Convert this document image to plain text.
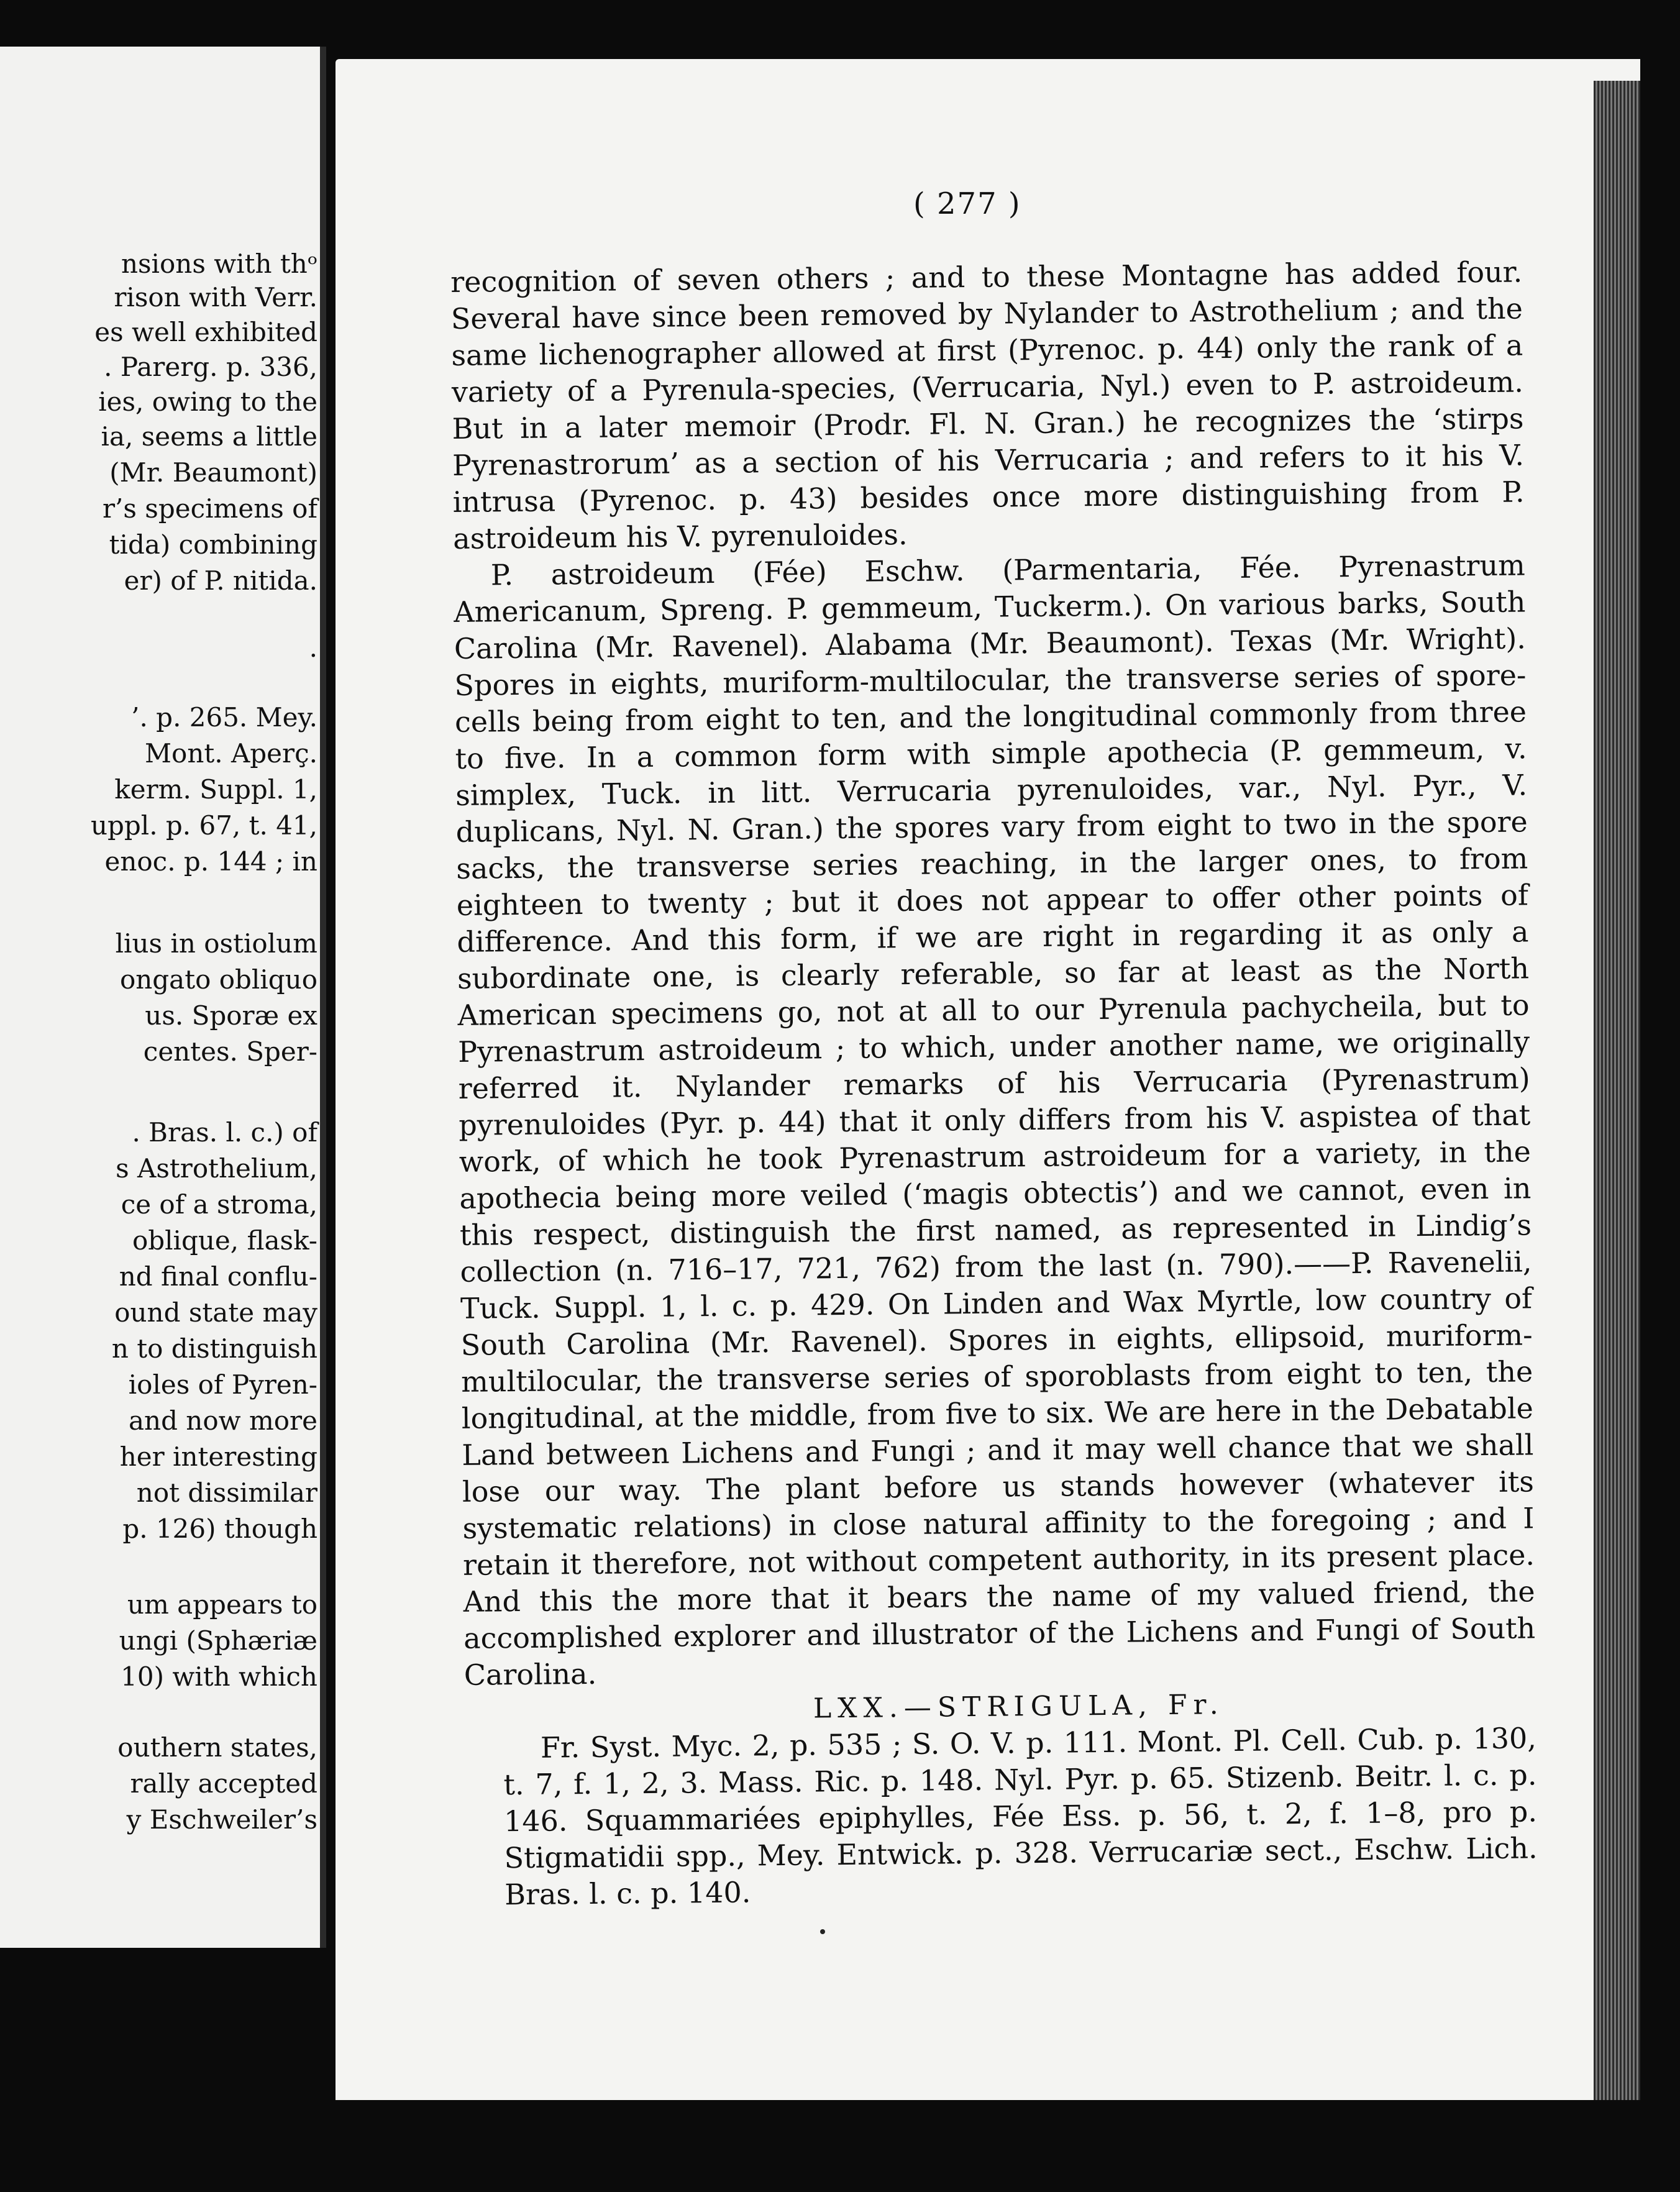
nsions with thᵒ
rison with Verr.
es well exhibited
. Parerg. p. 336,
ies, owing to the
ia, seems a little
(Mr. Beaumont)
r’s specimens of
tida) combining
er) of P. nitida.
.
’. p. 265. Mey.
Mont. Aperç.
kerm. Suppl. 1,
uppl. p. 67, t. 41,
enoc. p. 144 ; in
lius in ostiolum
ongato obliquo
us. Sporæ ex
centes. Sper-
. Bras. l. c.) of
s Astrothelium,
ce of a stroma,
oblique, flask-
nd final conflu-
ound state may
n to distinguish
ioles of Pyren-
and now more
her interesting
not dissimilar
p. 126) though
um appears to
ungi (Sphæriæ
10) with which
outhern states,
rally accepted
y Eschweiler’s
( 277 )

recognition of seven others ; and to these Montagne has added four. Several have since been removed by Nylander to Astrothelium ; and the same lichenographer allowed at first (Pyrenoc. p. 44) only the rank of a variety of a Pyrenula-species, (Verrucaria, Nyl.) even to P. astroideum. But in a later memoir (Prodr. Fl. N. Gran.) he recognizes the ‘stirps Pyrenastrorum’ as a section of his Verrucaria ; and refers to it his V. intrusa (Pyrenoc. p. 43) besides once more distinguishing from P. astroideum his V. pyrenuloides.

P. astroideum (Fée) Eschw. (Parmentaria, Fée. Pyrenastrum Americanum, Spreng. P. gemmeum, Tuckerm.). On various barks, South Carolina (Mr. Ravenel). Alabama (Mr. Beaumont). Texas (Mr. Wright). Spores in eights, muriform-multilocular, the transverse series of spore-cells being from eight to ten, and the longitudinal commonly from three to five. In a common form with simple apothecia (P. gemmeum, v. simplex, Tuck. in litt. Verrucaria pyrenuloides, var., Nyl. Pyr., V. duplicans, Nyl. N. Gran.) the spores vary from eight to two in the spore sacks, the transverse series reaching, in the larger ones, to from eighteen to twenty ; but it does not appear to offer other points of difference. And this form, if we are right in regarding it as only a subordinate one, is clearly referable, so far at least as the North American specimens go, not at all to our Pyrenula pachycheila, but to Pyrenastrum astroideum ; to which, under another name, we originally referred it. Nylander remarks of his Verrucaria (Pyrenastrum) pyrenuloides (Pyr. p. 44) that it only differs from his V. aspistea of that work, of which he took Pyrenastrum astroideum for a variety, in the apothecia being more veiled (‘magis obtectis’) and we cannot, even in this respect, distinguish the first named, as represented in Lindig’s collection (n. 716–17, 721, 762) from the last (n. 790).——P. Ravenelii, Tuck. Suppl. 1, l. c. p. 429. On Linden and Wax Myrtle, low country of South Carolina (Mr. Ravenel). Spores in eights, ellipsoid, muriform-multilocular, the transverse series of sporoblasts from eight to ten, the longitudinal, at the middle, from five to six. We are here in the Debatable Land between Lichens and Fungi ; and it may well chance that we shall lose our way. The plant before us stands however (whatever its systematic relations) in close natural affinity to the foregoing ; and I retain it therefore, not without competent authority, in its present place. And this the more that it bears the name of my valued friend, the accomplished explorer and illustrator of the Lichens and Fungi of South Carolina.

LXX.—STRIGULA, Fr.

Fr. Syst. Myc. 2, p. 535 ; S. O. V. p. 111. Mont. Pl. Cell. Cub. p. 130, t. 7, f. 1, 2, 3. Mass. Ric. p. 148. Nyl. Pyr. p. 65. Stizenb. Beitr. l. c. p. 146. Squammariées epiphylles, Fée Ess. p. 56, t. 2, f. 1–8, pro p. Stigmatidii spp., Mey. Entwick. p. 328. Verrucariæ sect., Eschw. Lich. Bras. l. c. p. 140.
